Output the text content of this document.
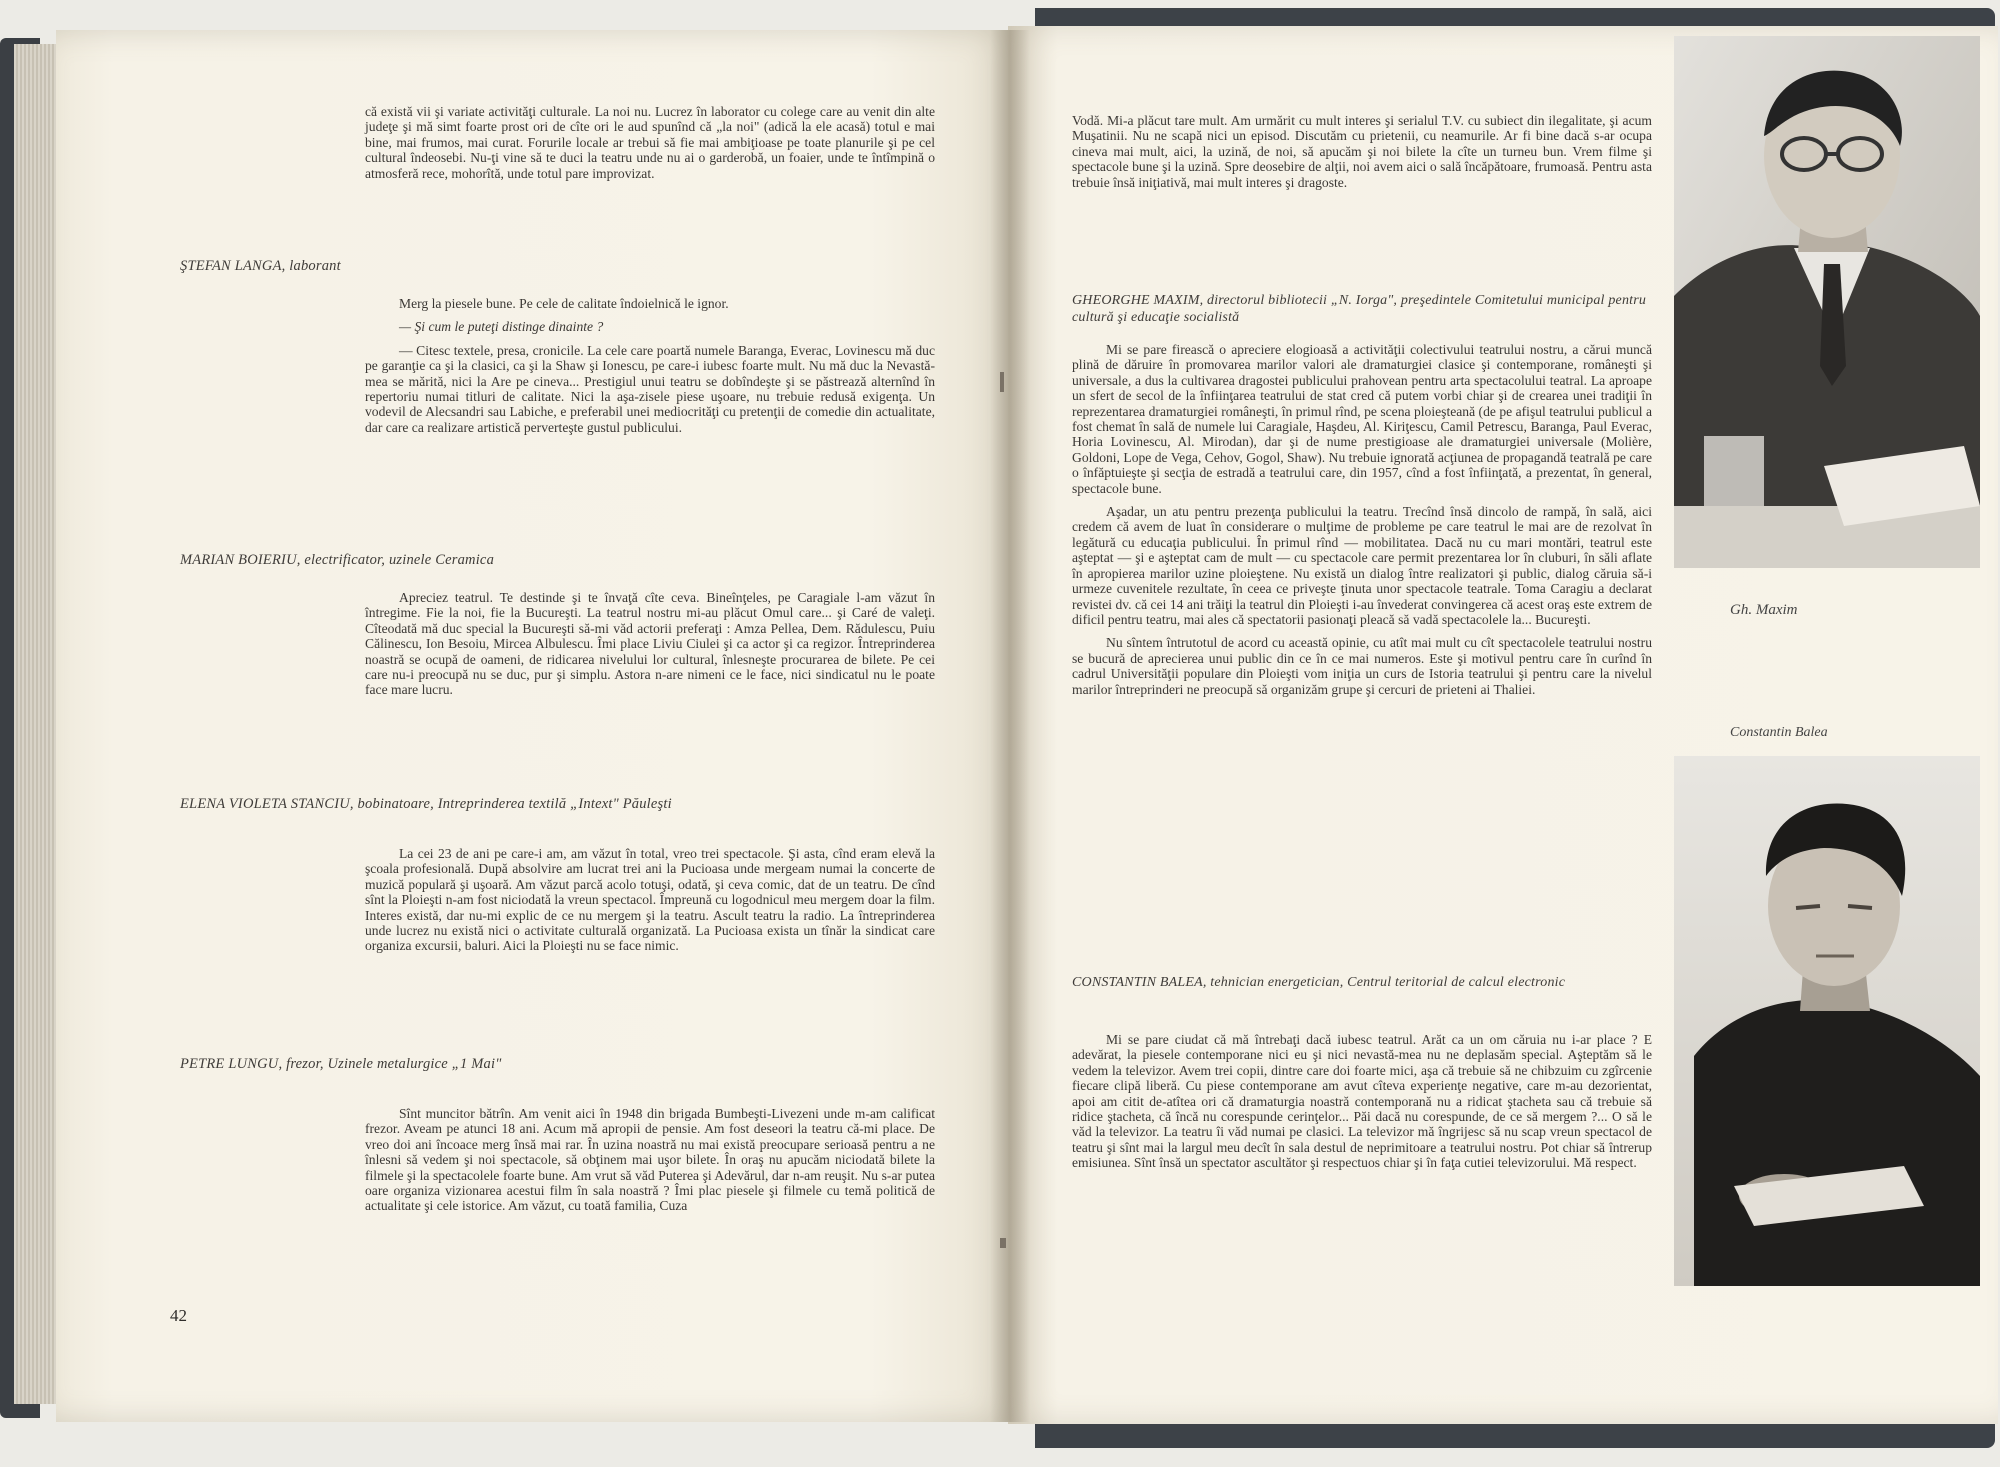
că există vii şi variate activităţi culturale. La noi nu. Lucrez în laborator cu colege care au venit din alte judeţe şi mă simt foarte prost ori de cîte ori le aud spunînd că „la noi" (adică la ele acasă) totul e mai bine, mai frumos, mai curat. Forurile locale ar trebui să fie mai ambiţioase pe toate planurile şi pe cel cultural îndeosebi. Nu-ţi vine să te duci la teatru unde nu ai o garderobă, un foaier, unde te întîmpină o atmosferă rece, mohorîtă, unde totul pare improvizat.

ŞTEFAN LANGA, laborant

Merg la piesele bune. Pe cele de calitate îndoielnică le ignor.

— Şi cum le puteţi distinge dinainte ?

— Citesc textele, presa, cronicile. La cele care poartă numele Baranga, Everac, Lovinescu mă duc pe garanţie ca şi la clasici, ca şi la Shaw şi Ionescu, pe care-i iubesc foarte mult. Nu mă duc la Nevastă-mea se mărită, nici la Are pe cineva... Prestigiul unui teatru se dobîndeşte şi se păstrează alternînd în repertoriu numai titluri de calitate. Nici la aşa-zisele piese uşoare, nu trebuie redusă exigenţa. Un vodevil de Alecsandri sau Labiche, e preferabil unei mediocrităţi cu pretenţii de comedie din actualitate, dar care ca realizare artistică perverteşte gustul publicului.

MARIAN BOIERIU, electrificator, uzinele Ceramica

Apreciez teatrul. Te destinde şi te învaţă cîte ceva. Bineînţeles, pe Caragiale l-am văzut în întregime. Fie la noi, fie la Bucureşti. La teatrul nostru mi-au plăcut Omul care... şi Caré de valeţi. Cîteodată mă duc special la Bucureşti să-mi văd actorii preferaţi : Amza Pellea, Dem. Rădulescu, Puiu Călinescu, Ion Besoiu, Mircea Albulescu. Îmi place Liviu Ciulei şi ca actor şi ca regizor. Întreprinderea noastră se ocupă de oameni, de ridicarea nivelului lor cultural, înlesneşte procurarea de bilete. Pe cei care nu-i preocupă nu se duc, pur şi simplu. Astora n-are nimeni ce le face, nici sindicatul nu le poate face mare lucru.

ELENA VIOLETA STANCIU, bobinatoare, Intreprinderea textilă „Intext" Păuleşti

La cei 23 de ani pe care-i am, am văzut în total, vreo trei spectacole. Şi asta, cînd eram elevă la şcoala profesională. După absolvire am lucrat trei ani la Pucioasa unde mergeam numai la concerte de muzică populară şi uşoară. Am văzut parcă acolo totuşi, odată, şi ceva comic, dat de un teatru. De cînd sînt la Ploieşti n-am fost niciodată la vreun spectacol. Împreună cu logodnicul meu mergem doar la film. Interes există, dar nu-mi explic de ce nu mergem şi la teatru. Ascult teatru la radio. La întreprinderea unde lucrez nu există nici o activitate culturală organizată. La Pucioasa exista un tînăr la sindicat care organiza excursii, baluri. Aici la Ploieşti nu se face nimic.

PETRE LUNGU, frezor, Uzinele metalurgice „1 Mai"

Sînt muncitor bătrîn. Am venit aici în 1948 din brigada Bumbeşti-Livezeni unde m-am calificat frezor. Aveam pe atunci 18 ani. Acum mă apropii de pensie. Am fost deseori la teatru că-mi place. De vreo doi ani încoace merg însă mai rar. În uzina noastră nu mai există preocupare serioasă pentru a ne înlesni să vedem şi noi spectacole, să obţinem mai uşor bilete. În oraş nu apucăm niciodată bilete la filmele şi la spectacolele foarte bune. Am vrut să văd Puterea şi Adevărul, dar n-am reuşit. Nu s-ar putea oare organiza vizionarea acestui film în sala noastră ? Îmi plac piesele şi filmele cu temă politică de actualitate şi cele istorice. Am văzut, cu toată familia, Cuza

42

Vodă. Mi-a plăcut tare mult. Am urmărit cu mult interes şi serialul T.V. cu subiect din ilegalitate, şi acum Muşatinii. Nu ne scapă nici un episod. Discutăm cu prietenii, cu neamurile. Ar fi bine dacă s-ar ocupa cineva mai mult, aici, la uzină, de noi, să apucăm şi noi bilete la cîte un turneu bun. Vrem filme şi spectacole bune şi la uzină. Spre deosebire de alţii, noi avem aici o sală încăpătoare, frumoasă. Pentru asta trebuie însă iniţiativă, mai mult interes şi dragoste.

GHEORGHE MAXIM, directorul bibliotecii „N. Iorga", preşedintele Comitetului municipal pentru cultură şi educaţie socialistă

Mi se pare firească o apreciere elogioasă a activităţii colectivului teatrului nostru, a cărui muncă plină de dăruire în promovarea marilor valori ale dramaturgiei clasice şi contemporane, româneşti şi universale, a dus la cultivarea dragostei publicului prahovean pentru arta spectacolului teatral. La aproape un sfert de secol de la înfiinţarea teatrului de stat cred că putem vorbi chiar şi de crearea unei tradiţii în reprezentarea dramaturgiei româneşti, în primul rînd, pe scena ploieşteană (de pe afişul teatrului publicul a fost chemat în sală de numele lui Caragiale, Haşdeu, Al. Kiriţescu, Camil Petrescu, Baranga, Paul Everac, Horia Lovinescu, Al. Mirodan), dar şi de nume prestigioase ale dramaturgiei universale (Molière, Goldoni, Lope de Vega, Cehov, Gogol, Shaw). Nu trebuie ignorată acţiunea de propagandă teatrală pe care o înfăptuieşte şi secţia de estradă a teatrului care, din 1957, cînd a fost înfiinţată, a prezentat, în general, spectacole bune.

Aşadar, un atu pentru prezenţa publicului la teatru. Trecînd însă dincolo de rampă, în sală, aici credem că avem de luat în considerare o mulţime de probleme pe care teatrul le mai are de rezolvat în legătură cu educaţia publicului. În primul rînd — mobilitatea. Dacă nu cu mari montări, teatrul este aşteptat — şi e aşteptat cam de mult — cu spectacole care permit prezentarea lor în cluburi, în săli aflate în apropierea marilor uzine ploieştene. Nu există un dialog între realizatori şi public, dialog căruia să-i urmeze cuvenitele rezultate, în ceea ce priveşte ţinuta unor spectacole teatrale. Toma Caragiu a declarat revistei dv. că cei 14 ani trăiţi la teatrul din Ploieşti i-au învederat convingerea că acest oraş este extrem de dificil pentru teatru, mai ales că spectatorii pasionaţi pleacă să vadă spectacolele la... Bucureşti.

Nu sîntem întrutotul de acord cu această opinie, cu atît mai mult cu cît spectacolele teatrului nostru se bucură de aprecierea unui public din ce în ce mai numeros. Este şi motivul pentru care în curînd în cadrul Universităţii populare din Ploieşti vom iniţia un curs de Istoria teatrului şi pentru care la nivelul marilor întreprinderi ne preocupă să organizăm grupe şi cercuri de prieteni ai Thaliei.

CONSTANTIN BALEA, tehnician energetician, Centrul teritorial de calcul electronic

Mi se pare ciudat că mă întrebaţi dacă iubesc teatrul. Arăt ca un om căruia nu i-ar place ? E adevărat, la piesele contemporane nici eu şi nici nevastă-mea nu ne deplasăm special. Aşteptăm să le vedem la televizor. Avem trei copii, dintre care doi foarte mici, aşa că trebuie să ne chibzuim cu zgîrcenie fiecare clipă liberă. Cu piese contemporane am avut cîteva experienţe negative, care m-au dezorientat, apoi am citit de-atîtea ori că dramaturgia noastră contemporană nu a ridicat ştacheta sau că trebuie să ridice ştacheta, că încă nu corespunde cerinţelor... Păi dacă nu corespunde, de ce să mergem ?... O să le văd la televizor. La teatru îi văd numai pe clasici. La televizor mă îngrijesc să nu scap vreun spectacol de teatru şi sînt mai la largul meu decît în sala destul de neprimitoare a teatrului nostru. Pot chiar să întrerup emisiunea. Sînt însă un spectator ascultător şi respectuos chiar şi în faţa cutiei televizorului. Mă respect.

Gh. Maxim
Constantin Balea
